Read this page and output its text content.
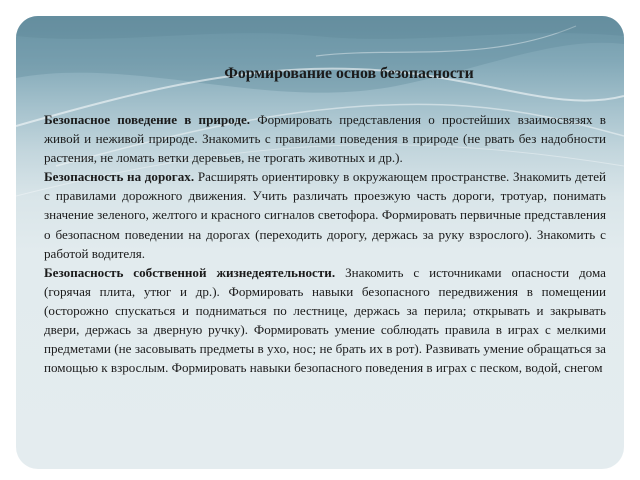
Формирование основ безопасности

Безопасное поведение в природе. Формировать представления о простейших взаимосвязях в живой и неживой природе. Знакомить с правилами поведения в природе (не рвать без надобности растения, не ломать ветки деревьев, не трогать животных и др.).

Безопасность на дорогах. Расширять ориентировку в окружающем пространстве. Знакомить детей с правилами дорожного движения. Учить различать проезжую часть дороги, тротуар, понимать значение зеленого, желтого и красного сигналов светофора. Формировать первичные представления о безопасном поведении на дорогах (переходить дорогу, держась за руку взрослого). Знакомить с работой водителя.

Безопасность собственной жизнедеятельности. Знакомить с источниками опасности дома (горячая плита, утюг и др.). Формировать навыки безопасного передвижения в помещении (осторожно спускаться и подниматься по лестнице, держась за перила; открывать и закрывать двери, держась за дверную ручку). Формировать умение соблюдать правила в играх с мелкими предметами (не засовывать предметы в ухо, нос; не брать их в рот). Развивать умение обращаться за помощью к взрослым. Формировать навыки безопасного поведения в играх с песком, водой, снегом
